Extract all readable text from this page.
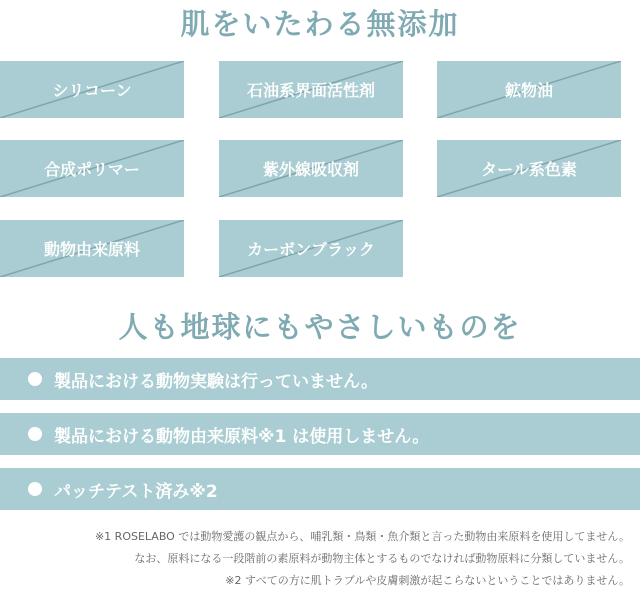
肌をいたわる無添加
シリコーン	石油系界面活性剤	鉱物油
合成ポリマー	紫外線吸収剤	タール系色素
動物由来原料	カーボンブラック
人も地球にもやさしいものを
製品における動物実験は行っていません。
製品における動物由来原料※1 は使用しません。
パッチテスト済み※2
※1 ROSELABO では動物愛護の観点から、哺乳類・鳥類・魚介類と言った動物由来原料を使用してません。
なお、原料になる一段階前の素原料が動物主体とするものでなければ動物原料に分類していません。
※2 すべての方に肌トラブルや皮膚刺激が起こらないということではありません。
